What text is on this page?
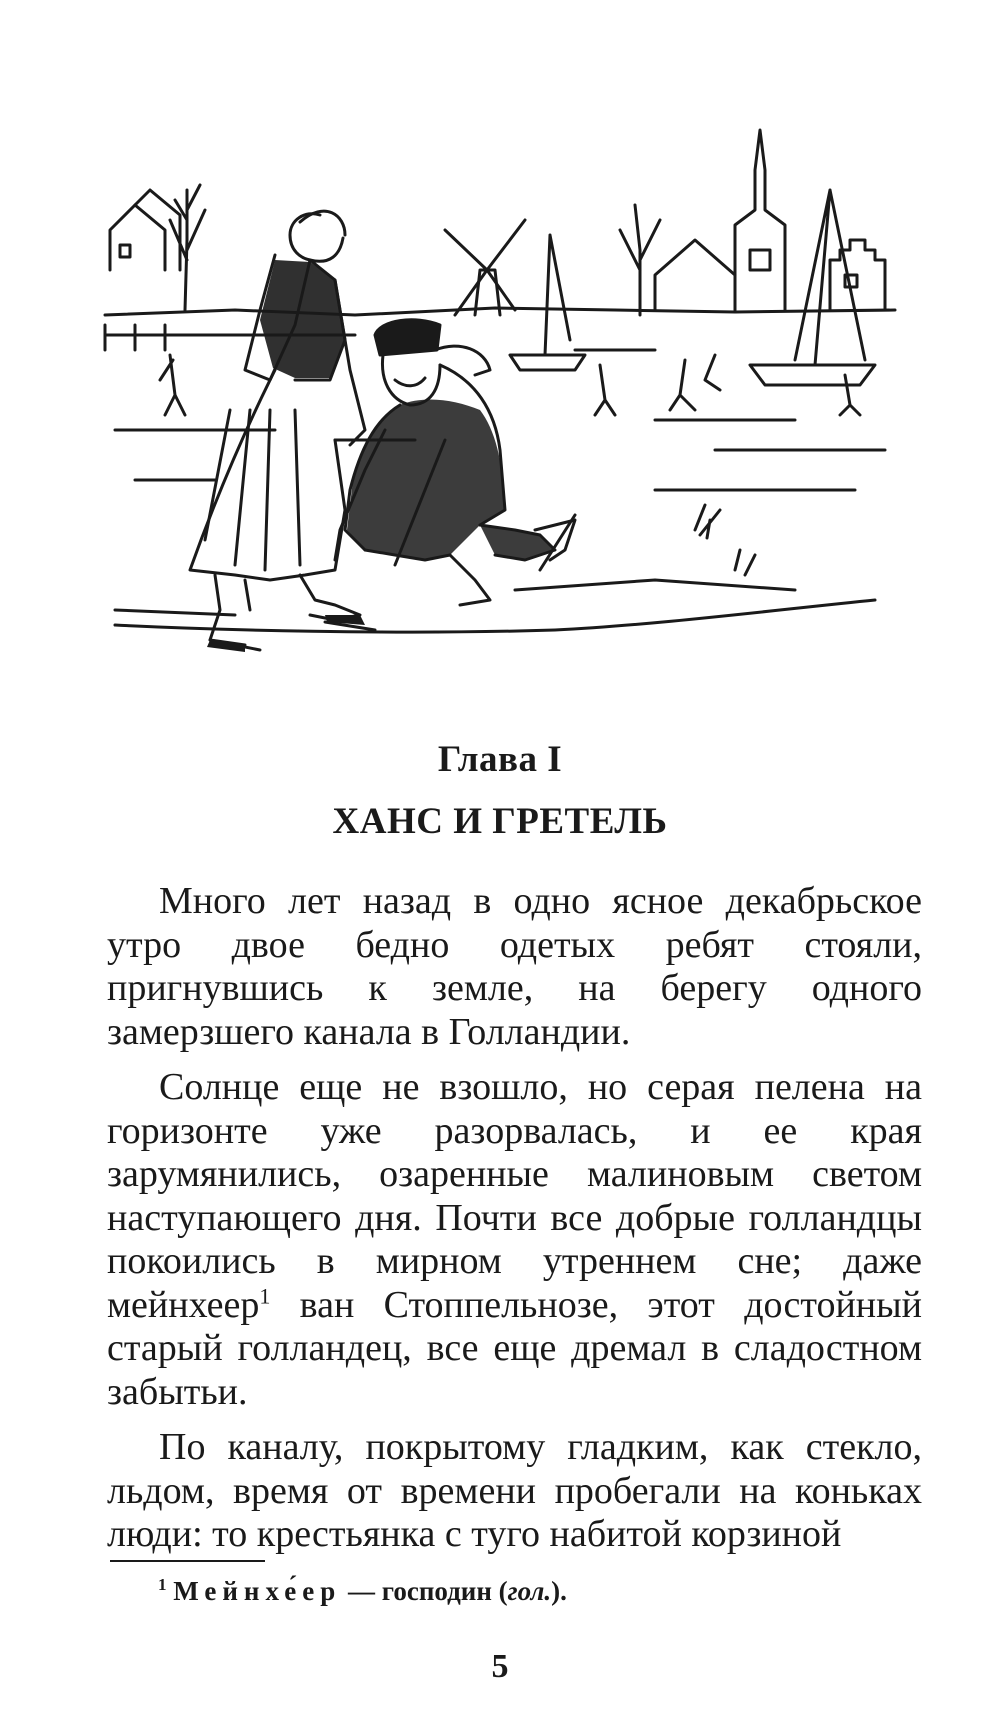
Глава I
ХАНС И ГРЕТЕЛЬ

Много лет назад в одно ясное декабрьское утро двое бедно одетых ребят стояли, пригнувшись к земле, на берегу одного замерзшего канала в Голландии.

Солнце еще не взошло, но серая пелена на горизонте уже разорвалась, и ее края зарумянились, озаренные малиновым светом наступающего дня. Почти все добрые голландцы покоились в мирном утреннем сне; даже мейнхеер$^1$ ван Стоппельнозе, этот достойный старый голландец, все еще дремал в сладостном забытьи.

По каналу, покрытому гладким, как стекло, льдом, время от времени пробегали на коньках люди: то крестьянка с туго набитой корзиной

$^1$ Мейнхе́ер — господин (гол.).
5
